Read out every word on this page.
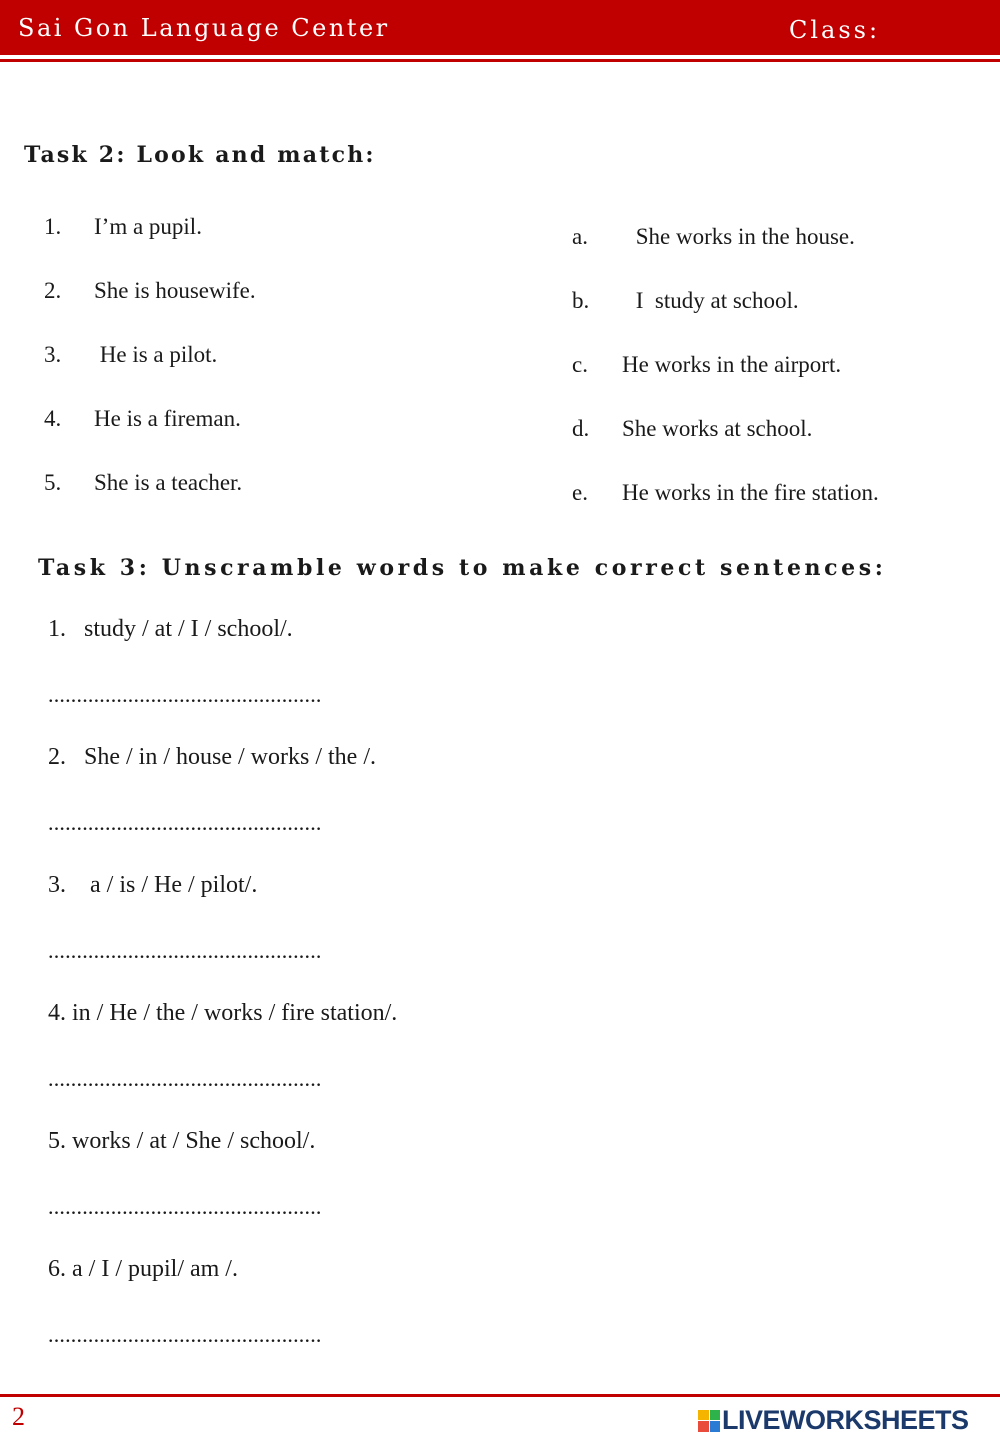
Sai Gon Language Center	Class:
Task 2: Look and match:
1. I’m a pupil.
2. She is housewife.
3. He is a pilot.
4. He is a fireman.
5. She is a teacher.
a. She works in the house.
b. I  study at school.
c. He works in the airport.
d. She works at school.
e. He works in the fire station.
Task 3: Unscramble words to make correct sentences:
1.   study / at / I / school/.
................................................
2.   She / in / house / works / the /.
................................................
3.    a / is / He / pilot/.
................................................
4. in / He / the / works / fire station/.
................................................
5. works / at / She / school/.
................................................
6. a / I / pupil/ am /.
................................................
2	LIVEWORKSHEETS
